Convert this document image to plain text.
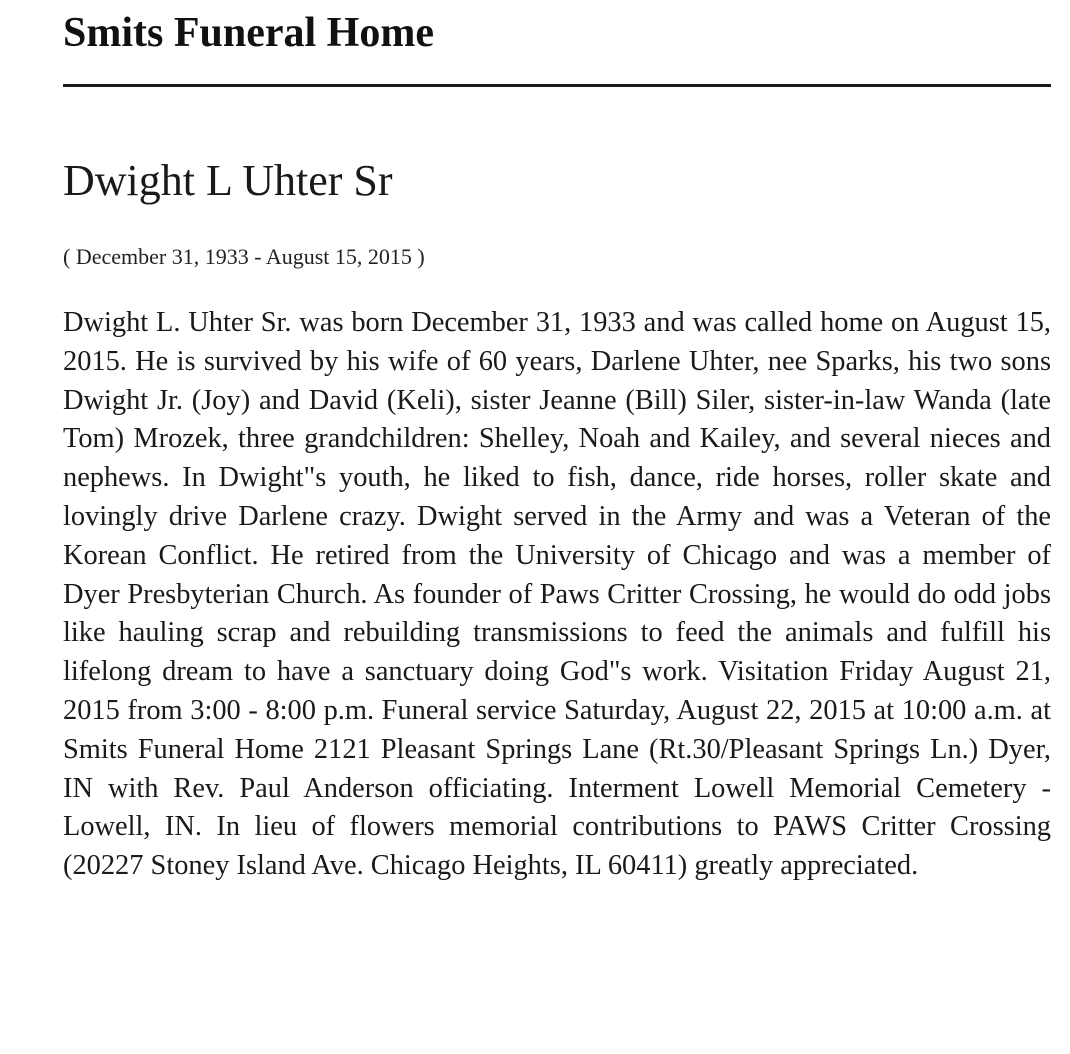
Smits Funeral Home
Dwight L Uhter Sr

( December 31, 1933 - August 15, 2015 )

Dwight L. Uhter Sr. was born December 31, 1933 and was called home on August 15, 2015. He is survived by his wife of 60 years, Darlene Uhter, nee Sparks, his two sons Dwight Jr. (Joy) and David (Keli), sister Jeanne (Bill) Siler, sister-in-law Wanda (late Tom) Mrozek, three grandchildren: Shelley, Noah and Kailey, and several nieces and nephews. In Dwight"s youth, he liked to fish, dance, ride horses, roller skate and lovingly drive Darlene crazy. Dwight served in the Army and was a Veteran of the Korean Conflict. He retired from the University of Chicago and was a member of Dyer Presbyterian Church. As founder of Paws Critter Crossing, he would do odd jobs like hauling scrap and rebuilding transmissions to feed the animals and fulfill his lifelong dream to have a sanctuary doing God"s work. Visitation Friday August 21, 2015 from 3:00 - 8:00 p.m. Funeral service Saturday, August 22, 2015 at 10:00 a.m. at Smits Funeral Home 2121 Pleasant Springs Lane (Rt.30/Pleasant Springs Ln.) Dyer, IN with Rev. Paul Anderson officiating. Interment Lowell Memorial Cemetery - Lowell, IN. In lieu of flowers memorial contributions to PAWS Critter Crossing (20227 Stoney Island Ave. Chicago Heights, IL 60411) greatly appreciated.
